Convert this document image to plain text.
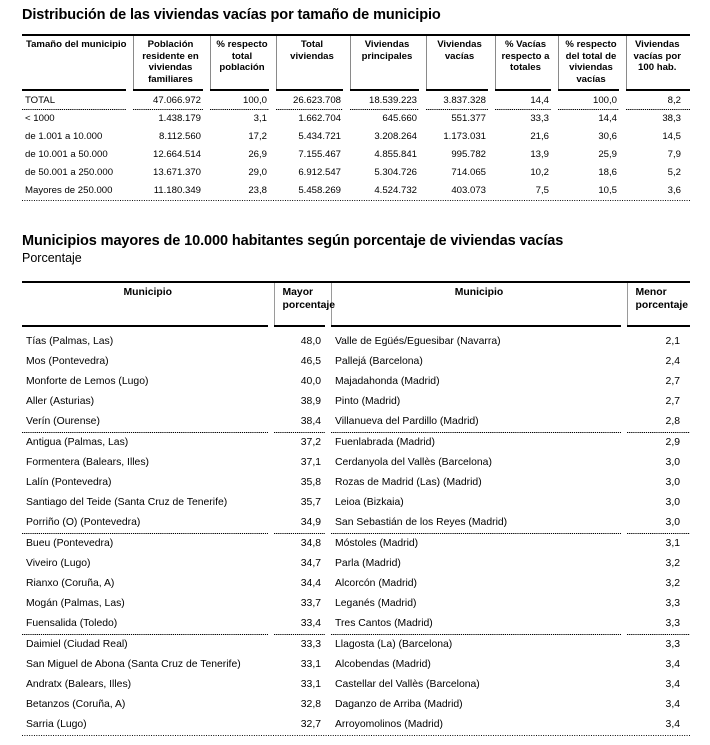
Distribución de las viviendas vacías por tamaño de municipio
Tamaño del municipio	Población residente en viviendas familiares	% respecto total población	Total viviendas	Viviendas principales	Viviendas vacías	% Vacías respecto a totales	% respecto del total de viviendas vacías	Viviendas vacías por 100 hab.

TOTAL	47.066.972	100,0	26.623.708	18.539.223	3.837.328	14,4	100,0	8,2

< 1000	1.438.179	3,1	1.662.704	645.660	551.377	33,3	14,4	38,3
de 1.001 a 10.000	8.112.560	17,2	5.434.721	3.208.264	1.173.031	21,6	30,6	14,5
de 10.001 a 50.000	12.664.514	26,9	7.155.467	4.855.841	995.782	13,9	25,9	7,9
de 50.001 a 250.000	13.671.370	29,0	6.912.547	5.304.726	714.065	10,2	18,6	5,2
Mayores de 250.000	11.180.349	23,8	5.458.269	4.524.732	403.073	7,5	10,5	3,6
Municipios mayores de 10.000 habitantes según porcentaje de viviendas vacías
Porcentaje
Municipio	Mayor porcentaje	Municipio	Menor porcentaje

Tías (Palmas, Las)	48,0	Valle de Egüés/Eguesibar (Navarra)	2,1
Mos (Pontevedra)	46,5	Pallejá (Barcelona)	2,4
Monforte de Lemos (Lugo)	40,0	Majadahonda (Madrid)	2,7
Aller (Asturias)	38,9	Pinto (Madrid)	2,7
Verín (Ourense)	38,4	Villanueva del Pardillo (Madrid)	2,8

Antigua (Palmas, Las)	37,2	Fuenlabrada (Madrid)	2,9
Formentera (Balears, Illes)	37,1	Cerdanyola del Vallès (Barcelona)	3,0
Lalín (Pontevedra)	35,8	Rozas de Madrid (Las) (Madrid)	3,0
Santiago del Teide (Santa Cruz de Tenerife)	35,7	Leioa (Bizkaia)	3,0
Porriño (O) (Pontevedra)	34,9	San Sebastián de los Reyes (Madrid)	3,0

Bueu (Pontevedra)	34,8	Móstoles (Madrid)	3,1
Viveiro (Lugo)	34,7	Parla (Madrid)	3,2
Rianxo (Coruña, A)	34,4	Alcorcón (Madrid)	3,2
Mogán (Palmas, Las)	33,7	Leganés (Madrid)	3,3
Fuensalida (Toledo)	33,4	Tres Cantos (Madrid)	3,3

Daimiel (Ciudad Real)	33,3	Llagosta (La) (Barcelona)	3,3
San Miguel de Abona (Santa Cruz de Tenerife)	33,1	Alcobendas (Madrid)	3,4
Andratx (Balears, Illes)	33,1	Castellar del Vallès (Barcelona)	3,4
Betanzos (Coruña, A)	32,8	Daganzo de Arriba (Madrid)	3,4
Sarria (Lugo)	32,7	Arroyomolinos (Madrid)	3,4
